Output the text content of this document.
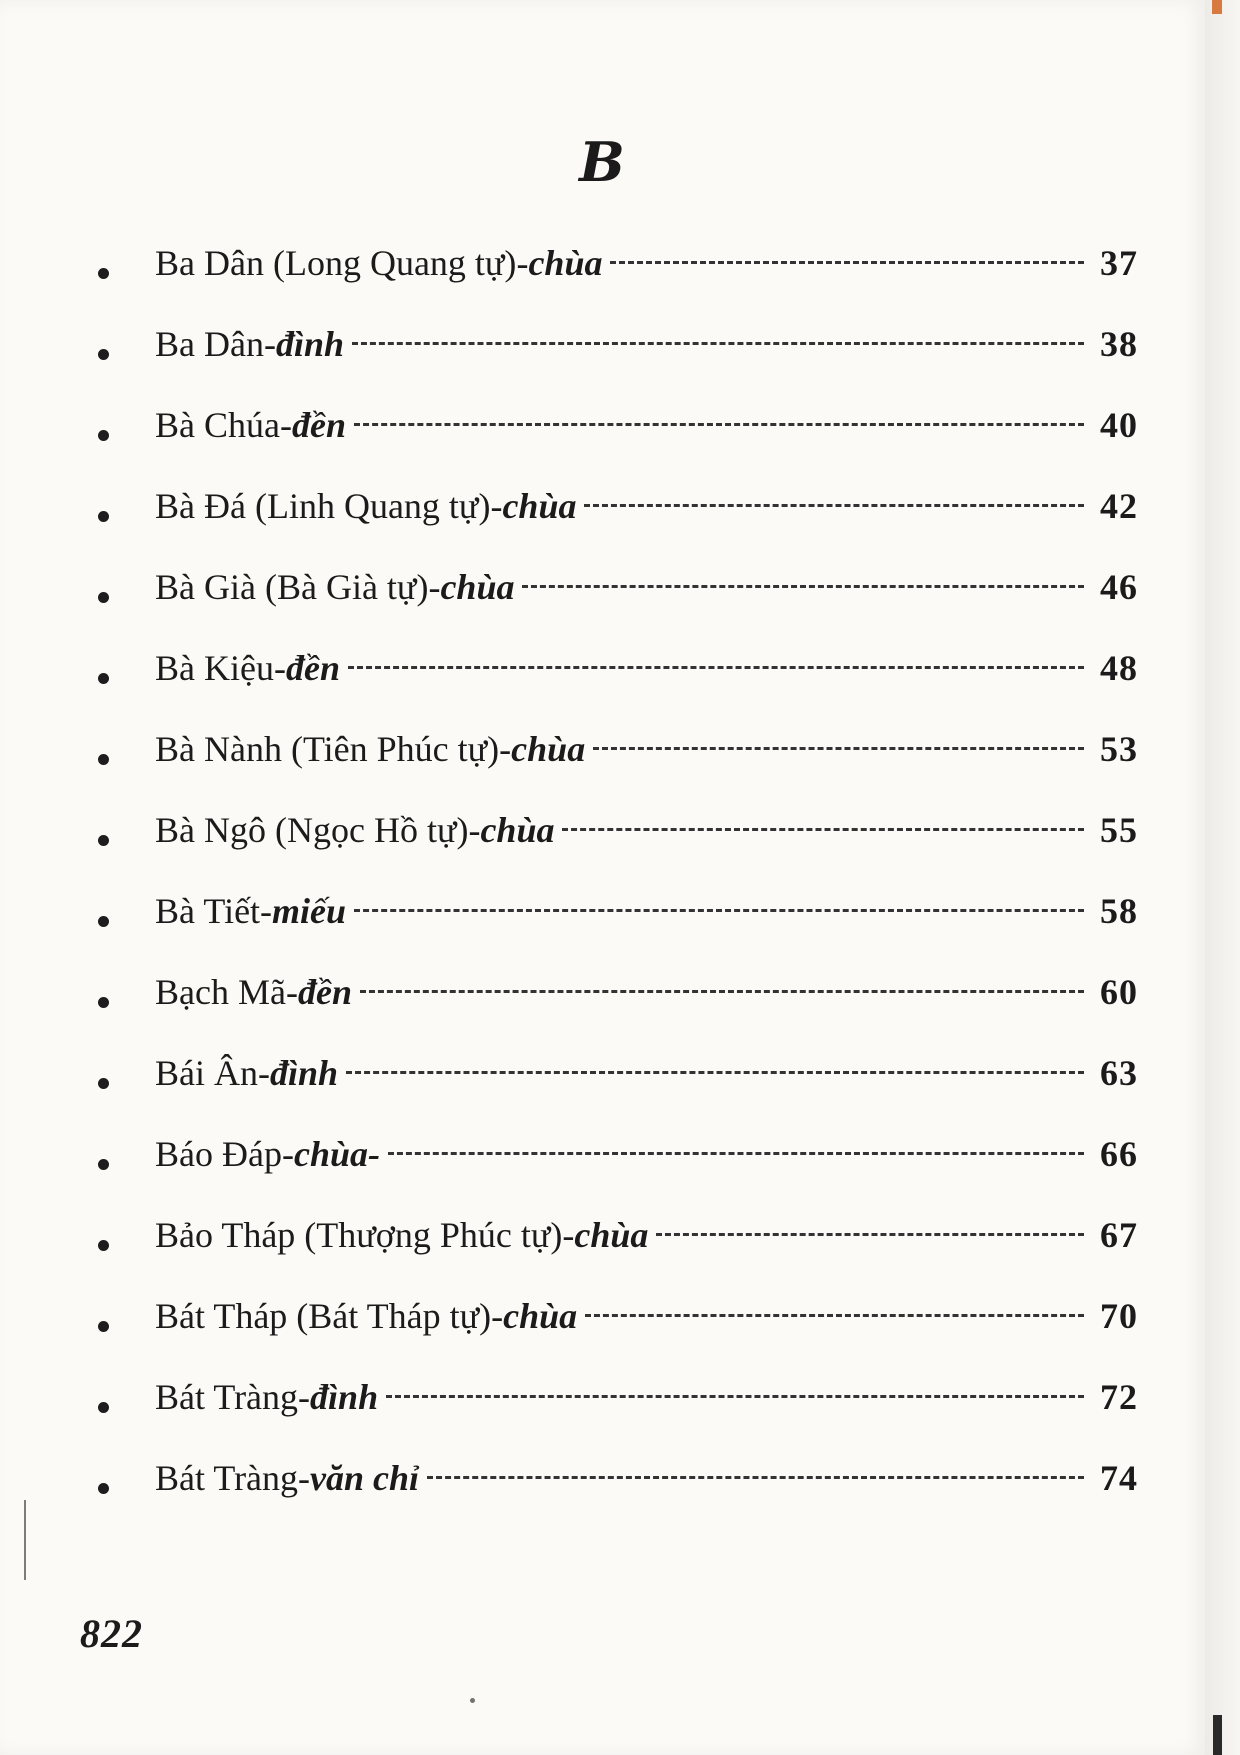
B
Ba Dân (Long Quang tự) - chùa	37
Ba Dân - đình	38
Bà Chúa - đền	40
Bà Đá (Linh Quang tự) - chùa	42
Bà Già (Bà Già tự) - chùa	46
Bà Kiệu - đền	48
Bà Nành (Tiên Phúc tự) - chùa	53
Bà Ngô (Ngọc Hồ tự) - chùa	55
Bà Tiết - miếu	58
Bạch Mã - đền	60
Bái Ân - đình	63
Báo Đáp - chùa-	66
Bảo Tháp (Thượng Phúc tự) - chùa	67
Bát Tháp (Bát Tháp tự) - chùa	70
Bát Tràng - đình	72
Bát Tràng - văn chỉ	74
822
